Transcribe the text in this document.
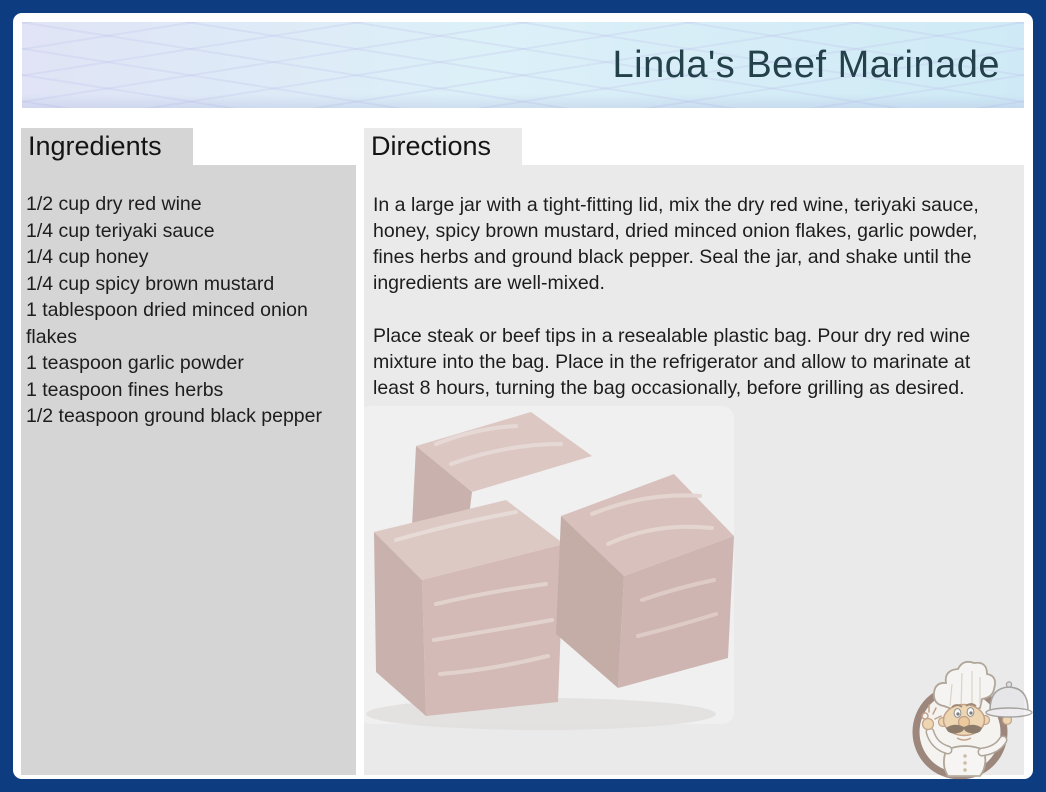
Linda's Beef Marinade
Ingredients
1/2 cup dry red wine
1/4 cup teriyaki sauce
1/4 cup honey
1/4 cup spicy brown mustard
1 tablespoon dried minced onion flakes
1 teaspoon garlic powder
1 teaspoon fines herbs
1/2 teaspoon ground black pepper
Directions
In a large jar with a tight-fitting lid, mix the dry red wine, teriyaki sauce, honey, spicy brown mustard, dried minced onion flakes, garlic powder, fines herbs and ground black pepper. Seal the jar, and shake until the ingredients are well-mixed.
Place steak or beef tips in a resealable plastic bag. Pour dry red wine mixture into the bag. Place in the refrigerator and allow to marinate at least 8 hours, turning the bag occasionally, before grilling as desired.
